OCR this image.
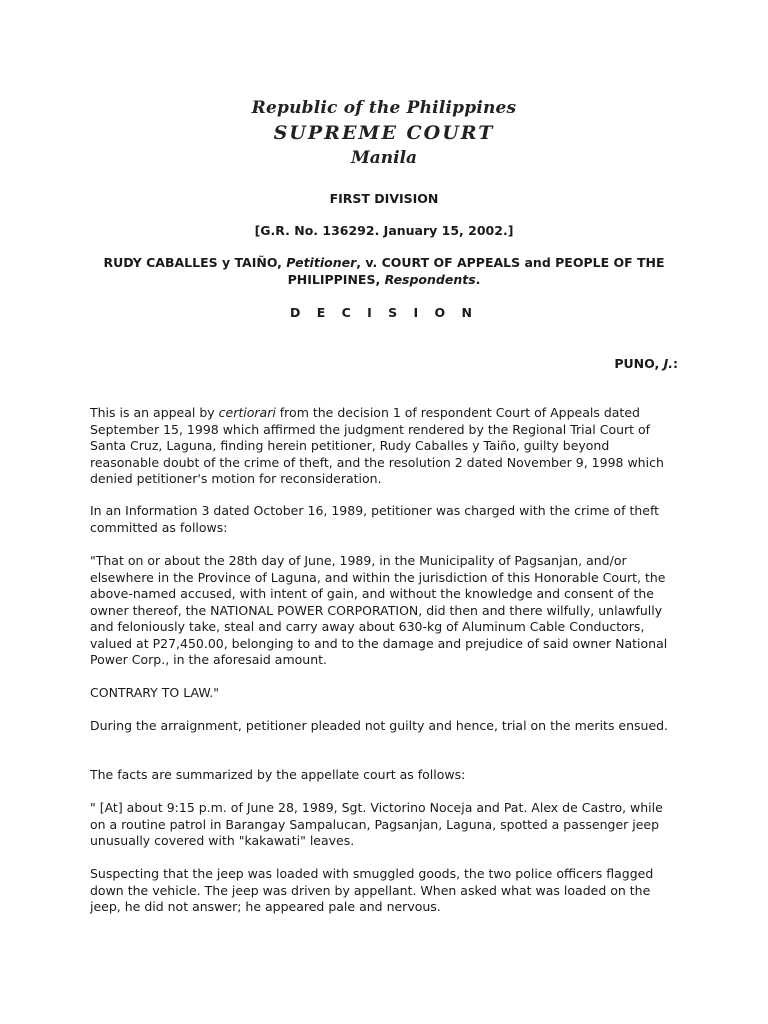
Republic of the Philippines
SUPREME COURT
Manila
FIRST DIVISION
[G.R. No. 136292. January 15, 2002.]
RUDY CABALLES y TAIÑO, Petitioner, v. COURT OF APPEALS and PEOPLE OF THE PHILIPPINES, Respondents.
D E C I S I O N
PUNO, J.:

This is an appeal by certiorari from the decision 1 of respondent Court of Appeals dated September 15, 1998 which affirmed the judgment rendered by the Regional Trial Court of Santa Cruz, Laguna, finding herein petitioner, Rudy Caballes y Taiño, guilty beyond reasonable doubt of the crime of theft, and the resolution 2 dated November 9, 1998 which denied petitioner's motion for reconsideration.

In an Information 3 dated October 16, 1989, petitioner was charged with the crime of theft committed as follows:

"That on or about the 28th day of June, 1989, in the Municipality of Pagsanjan, and/or elsewhere in the Province of Laguna, and within the jurisdiction of this Honorable Court, the above-named accused, with intent of gain, and without the knowledge and consent of the owner thereof, the NATIONAL POWER CORPORATION, did then and there wilfully, unlawfully and feloniously take, steal and carry away about 630-kg of Aluminum Cable Conductors, valued at P27,450.00, belonging to and to the damage and prejudice of said owner National Power Corp., in the aforesaid amount.

CONTRARY TO LAW."

During the arraignment, petitioner pleaded not guilty and hence, trial on the merits ensued.

The facts are summarized by the appellate court as follows:

" [At] about 9:15 p.m. of June 28, 1989, Sgt. Victorino Noceja and Pat. Alex de Castro, while on a routine patrol in Barangay Sampalucan, Pagsanjan, Laguna, spotted a passenger jeep unusually covered with "kakawati" leaves.

Suspecting that the jeep was loaded with smuggled goods, the two police officers flagged down the vehicle. The jeep was driven by appellant. When asked what was loaded on the jeep, he did not answer; he appeared pale and nervous.
